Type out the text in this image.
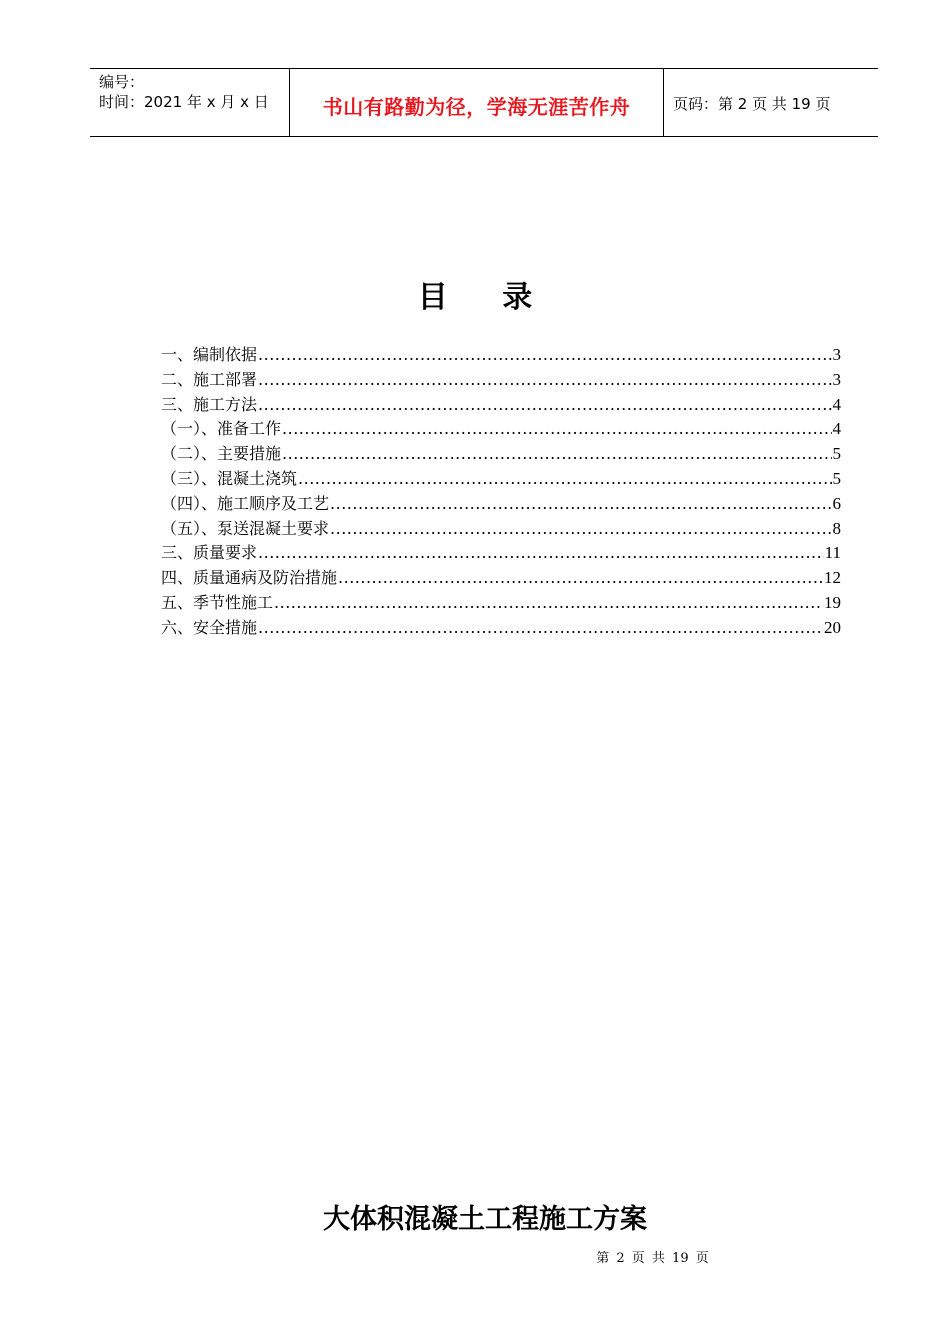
编号：
时间：2021 年 x 月 x 日	书山有路勤为径，学海无涯苦作舟	页码：第 2 页 共 19 页
目 录
一、编制依据 .....	3
二、施工部署 .....	3
三、施工方法 .....	4
（一）、准备工作 .....	4
（二）、主要措施 .....	5
（三）、混凝土浇筑 .....	5
（四）、施工顺序及工艺 .....	6
（五）、泵送混凝土要求 .....	8
三、质量要求 .....	11
四、质量通病及防治措施 .....	12
五、季节性施工 .....	19
六、安全措施 .....	20
大体积混凝土工程施工方案
第 2 页 共 19 页
